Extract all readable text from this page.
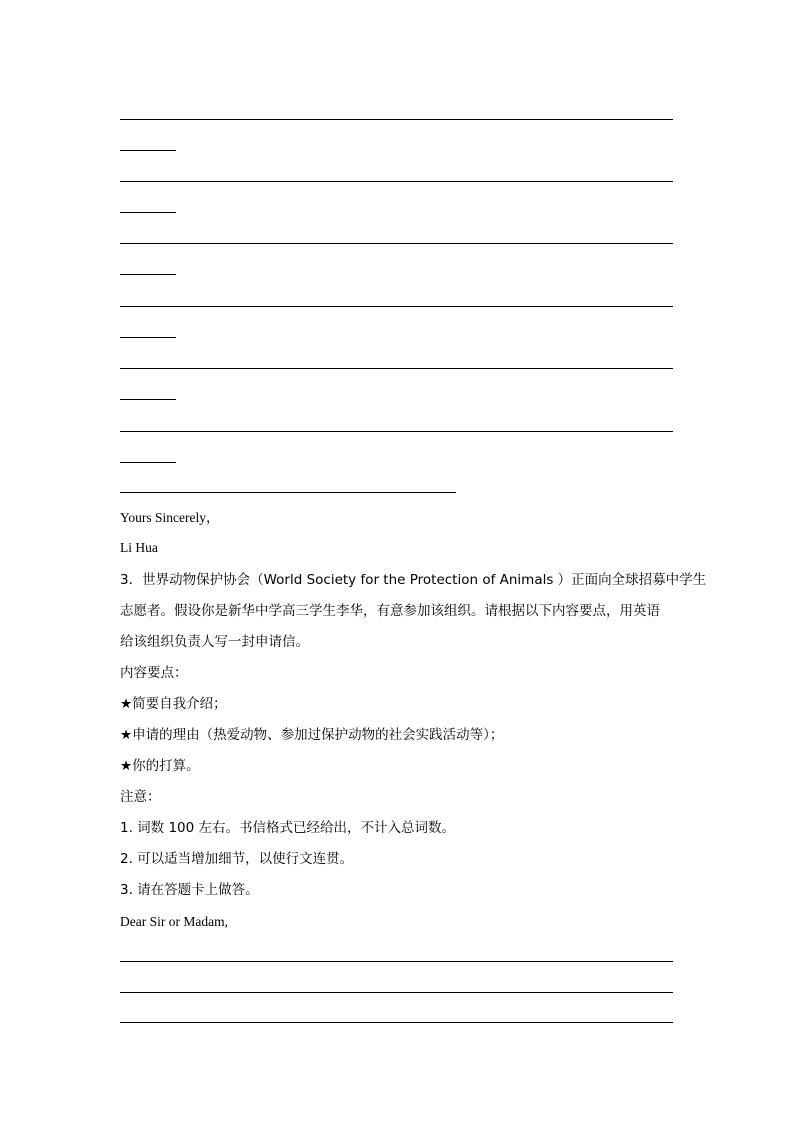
Yours Sincerely，
Li Hua
3．世界动物保护协会（World Society for the Protection of Animals ）正面向全球招募中学生
志愿者。假设你是新华中学高三学生李华，有意参加该组织。请根据以下内容要点，用英语
给该组织负责人写一封申请信。
内容要点：
★简要自我介绍；
★申请的理由（热爱动物、参加过保护动物的社会实践活动等）；
★你的打算。
注意：
1. 词数 100 左右。书信格式已经给出，不计入总词数。
2. 可以适当增加细节，以使行文连贯。
3. 请在答题卡上做答。
Dear Sir or Madam,
